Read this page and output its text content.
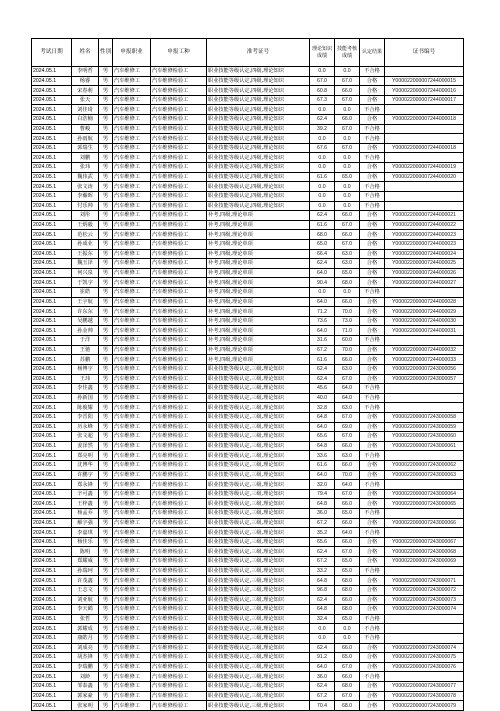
考试日期	姓名	性别	申报职业	申报工种	准考证号	理论知识成绩	技能考核成绩	认定结果	证书编号
2024.05.1	李明哲	男	汽车维修工	汽车维修检验工	职业技能等级认定,四级,理论知识	0.0	0.0	不合格	
2024.05.1	杨睿	男	汽车维修工	汽车维修检验工	职业技能等级认定,四级,理论知识	67.0	67.0	合格	Y000022000007244000015
2024.05.1	宋春莉	男	汽车维修工	汽车维修检验工	职业技能等级认定,四级,理论知识	60.8	66.0	合格	Y000022000007244000016
2024.05.1	张天	男	汽车维修工	汽车维修检验工	职业技能等级认定,四级,理论知识	67.3	67.0	合格	Y000022000007244000017
2024.05.1	刘佳琦	男	汽车维修工	汽车维修检验工	职业技能等级认定,四级,理论知识	0.0	0.0	不合格	
2024.05.1	白浩楠	男	汽车维修工	汽车维修检验工	职业技能等级认定,四级,理论知识	62.4	66.0	合格	Y000022000007244000018
2024.05.1	曹峻	男	汽车维修工	汽车维修检验工	职业技能等级认定,四级,理论知识	39.2	67.0	不合格	
2024.05.1	孙雨航	男	汽车维修工	汽车维修检验工	职业技能等级认定,四级,理论知识	0.0	0.0	不合格	
2024.05.1	郭瑞生	男	汽车维修工	汽车维修检验工	职业技能等级认定,四级,理论知识	67.6	67.0	合格	Y000022000007244000018
2024.05.1	刘鹏	男	汽车维修工	汽车维修检验工	职业技能等级认定,四级,理论知识	0.0	0.0	不合格	
2024.05.1	张玮	男	汽车维修工	汽车维修检验工	职业技能等级认定,四级,理论知识	0.0	0.0	合格	Y000022000007244000019
2024.05.1	魏伟武	男	汽车维修工	汽车维修检验工	职业技能等级认定,四级,理论知识	61.6	65.0	合格	Y000022000007244000020
2024.05.1	张文涛	男	汽车维修工	汽车维修检验工	职业技能等级认定,四级,理论知识	0.0	0.0	不合格	
2024.05.1	李瀚晖	男	汽车维修工	汽车维修检验工	职业技能等级认定,四级,理论知识	0.0	0.0	不合格	
2024.05.1	付乐帅	男	汽车维修工	汽车维修检验工	职业技能等级认定,四级,理论知识	0.0	0.0	不合格	
2024.05.1	刘彤	男	汽车维修工	汽车维修检验工	补考,四级,理论单项	62.4	66.0	合格	Y000022000007244000021
2024.05.1	王炳毅	男	汽车维修工	汽车维修检验工	补考,四级,理论单项	61.6	67.0	合格	Y000022000007244000022
2024.05.1	范松云	男	汽车维修工	汽车维修检验工	补考,四级,理论单项	68.0	66.0	合格	Y000022000007244000023
2024.05.1	孙成业	男	汽车维修工	汽车维修检验工	补考,四级,理论单项	65.0	67.0	合格	Y000022000007244000023
2024.05.1	王振东	男	汽车维修工	汽车维修检验工	补考,四级,理论单项	66.4	63.0	合格	Y000022000007244000024
2024.05.1	魏玉泽	男	汽车维修工	汽车维修检验工	补考,四级,理论单项	62.4	63.0	合格	Y000022000007244000025
2024.05.1	何兴泉	男	汽车维修工	汽车维修检验工	补考,四级,理论单项	64.0	65.0	合格	Y000022000007244000026
2024.05.1	于凯宇	男	汽车维修工	汽车维修检验工	补考,四级,理论单项	90.4	68.0	合格	Y000022000007244000027
2024.05.1	崔皓	男	汽车维修工	汽车维修检验工	补考,四级,理论单项	0.0	0.0	不合格	
2024.05.1	王宇航	男	汽车维修工	汽车维修检验工	补考,四级,理论单项	64.0	66.0	合格	Y000022000007244000028
2024.05.1	许东东	男	汽车维修工	汽车维修检验工	补考,四级,理论单项	71.2	70.0	合格	Y000022000007244000029
2024.05.1	吴鹏越	男	汽车维修工	汽车维修检验工	补考,四级,理论单项	73.6	73.0	合格	Y000022000007244000030
2024.05.1	孙金帅	男	汽车维修工	汽车维修检验工	补考,四级,理论单项	64.0	71.0	合格	Y000022000007244000031
2024.05.1	于洋	男	汽车维修工	汽车维修检验工	补考,四级,理论单项	31.6	60.0	不合格	
2024.05.1	王驰	男	汽车维修工	汽车维修检验工	补考,四级,理论单项	67.2	70.0	合格	Y000022000007244000032
2024.05.1	苏鹏	男	汽车维修工	汽车维修检验工	补考,四级,理论单项	61.6	66.0	合格	Y000022000007244000033
2024.05.1	杨博宇	男	汽车维修工	汽车维修检验工	职业技能等级认定,三级,理论知识	62.4	63.0	合格	Y000022000007243000056
2024.05.1	王玮	男	汽车维修工	汽车维修检验工	职业技能等级认定,三级,理论知识	62.4	67.0	合格	Y000022000007243000057
2024.05.1	李佳鑫	男	汽车维修工	汽车维修检验工	职业技能等级认定,三级,理论知识	45.6	64.0	不合格	
2024.05.1	孙新国	男	汽车维修工	汽车维修检验工	职业技能等级认定,三级,理论知识	40.0	64.0	不合格	
2024.05.1	陈俊耀	男	汽车维修工	汽车维修检验工	职业技能等级认定,三级,理论知识	32.8	63.0	不合格	
2024.05.1	李晋阳	男	汽车维修工	汽车维修检验工	职业技能等级认定,三级,理论知识	64.8	67.0	合格	Y000022000007243000058
2024.05.1	历永峰	男	汽车维修工	汽车维修检验工	职业技能等级认定,三级,理论知识	64.0	69.0	合格	Y000022000007243000059
2024.05.1	张文超	男	汽车维修工	汽车维修检验工	职业技能等级认定,三级,理论知识	65.6	67.0	合格	Y000022000007243000060
2024.05.1	姜泽然	男	汽车维修工	汽车维修检验工	职业技能等级认定,三级,理论知识	64.8	66.0	合格	Y000022000007243000061
2024.05.1	郑亮明	男	汽车维修工	汽车维修检验工	职业技能等级认定,三级,理论知识	33.6	63.0	不合格	
2024.05.1	沈博华	男	汽车维修工	汽车维修检验工	职业技能等级认定,三级,理论知识	61.6	66.0	合格	Y000022000007243000062
2024.05.1	许鹏宇	男	汽车维修工	汽车维修检验工	职业技能等级认定,三级,理论知识	64.0	70.0	合格	Y000022000007243000063
2024.05.1	郑永锋	男	汽车维修工	汽车维修检验工	职业技能等级认定,三级,理论知识	32.0	64.0	不合格	
2024.05.1	辛可鑫	男	汽车维修工	汽车维修检验工	职业技能等级认定,三级,理论知识	79.4	67.0	合格	Y000022000007243000064
2024.05.1	王梓鑫	男	汽车维修工	汽车维修检验工	职业技能等级认定,三级,理论知识	64.8	66.0	合格	Y000022000007243000065
2024.05.1	杨孟乔	男	汽车维修工	汽车维修检验工	职业技能等级认定,三级,理论知识	36.0	65.0	不合格	
2024.05.1	解宇强	男	汽车维修工	汽车维修检验工	职业技能等级认定,三级,理论知识	67.2	66.0	合格	Y000022000007243000066
2024.05.1	李嘉琪	男	汽车维修工	汽车维修检验工	职业技能等级认定,三级,理论知识	35.2	64.0	不合格	
2024.05.1	杨佳乐	男	汽车维修工	汽车维修检验工	职业技能等级认定,三级,理论知识	65.6	66.0	合格	Y000022000007243000067
2024.05.1	陈明	男	汽车维修工	汽车维修检验工	职业技能等级认定,三级,理论知识	62.4	67.0	合格	Y000022000007243000068
2024.05.1	郑耀威	男	汽车维修工	汽车维修检验工	职业技能等级认定,三级,理论知识	67.2	65.0	合格	Y000022000007243000069
2024.05.1	孙瑞珂	男	汽车维修工	汽车维修检验工	职业技能等级认定,三级,理论知识	33.2	65.0	不合格	
2024.05.1	许茂鑫	男	汽车维修工	汽车维修检验工	职业技能等级认定,三级,理论知识	64.8	68.0	合格	Y000022000007243000071
2024.05.1	王志文	男	汽车维修工	汽车维修检验工	职业技能等级认定,三级,理论知识	96.8	68.0	合格	Y000022000007243000072
2024.05.1	刘亚航	男	汽车维修工	汽车维修检验工	职业技能等级认定,三级,理论知识	62.4	66.0	合格	Y000022000007243000073
2024.05.1	李天鹤	男	汽车维修工	汽车维修检验工	职业技能等级认定,三级,理论知识	64.8	68.0	合格	Y000022000007243000074
2024.05.1	张哲	男	汽车维修工	汽车维修检验工	职业技能等级认定,三级,理论知识	32.4	65.0	不合格	
2024.05.1	郭耀成	男	汽车维修工	汽车维修检验工	职业技能等级认定,三级,理论知识	0.0	0.0	不合格	
2024.05.1	康皓月	男	汽车维修工	汽车维修检验工	职业技能等级认定,三级,理论知识	0.0	0.0	不合格	
2024.05.1	刘成亮	男	汽车维修工	汽车维修检验工	职业技能等级认定,三级,理论知识	62.4	66.0	合格	Y000022000007243000074
2024.05.1	胡杰锋	男	汽车维修工	汽车维修检验工	职业技能等级认定,三级,理论知识	91.2	65.0	合格	Y000022000007243000075
2024.05.1	李瑞鹏	男	汽车维修工	汽车维修检验工	职业技能等级认定,三级,理论知识	64.0	67.0	合格	Y000022000007243000076
2024.05.1	刘龄	男	汽车维修工	汽车维修检验工	职业技能等级认定,三级,理论知识	36.0	66.0	不合格	
2024.05.1	邹泰鑫	男	汽车维修工	汽车维修检验工	职业技能等级认定,三级,理论知识	62.4	68.0	合格	Y000022000007243000077
2024.05.1	郭家豪	男	汽车维修工	汽车维修检验工	职业技能等级认定,三级,理论知识	67.2	67.0	合格	Y000022000007243000078
2024.05.1	张家明	男	汽车维修工	汽车维修检验工	职业技能等级认定,三级,理论知识	70.4	68.0	合格	Y000022000007243000079
